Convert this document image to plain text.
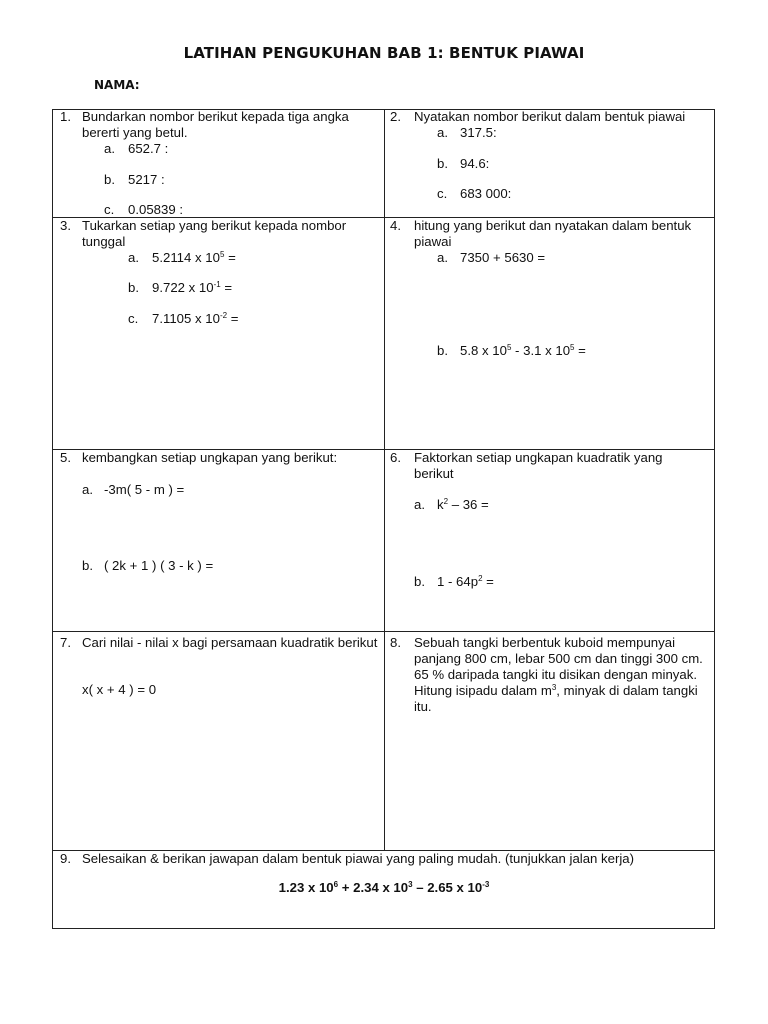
LATIHAN PENGUKUHAN BAB 1: BENTUK PIAWAI
NAMA:
1. Bundarkan nombor berikut kepada tiga angka bererti yang betul.
a. 652.7 :
b. 5217 :
c. 0.05839 :
2. Nyatakan nombor berikut dalam bentuk piawai
a. 317.5:
b. 94.6:
c. 683 000:
3. Tukarkan setiap yang berikut kepada nombor tunggal
a. 5.2114 x $10^5$ =
b. 9.722 x $10^{-1}$ =
c. 7.1105 x $10^{-2}$ =
4. hitung yang berikut dan nyatakan dalam bentuk piawai
a. 7350 + 5630 =
b. 5.8 x $10^5 - 3.1$ x $10^5$ =
5. kembangkan setiap ungkapan yang berikut:
a. -3m( 5 - m ) =
b. ( 2k + 1 ) ( 3 - k ) =
6. Faktorkan setiap ungkapan kuadratik yang berikut
a. $k^2 - 36$ =
b. $1 - 64p^2$ =
7. Cari nilai - nilai x bagi persamaan kuadratik berikut
x( x + 4 ) = 0
8. Sebuah tangki berbentuk kuboid mempunyai panjang 800 cm, lebar 500 cm dan tinggi 300 cm. 65 % daripada tangki itu disikan dengan minyak. Hitung isipadu dalam $m^3$, minyak di dalam tangki itu.
9. Selesaikan & berikan jawapan dalam bentuk piawai yang paling mudah. (tunjukkan jalan kerja)
1.23 x $10^6 + 2.34$ x $10^3 - 2.65$ x $10^{-3}$
